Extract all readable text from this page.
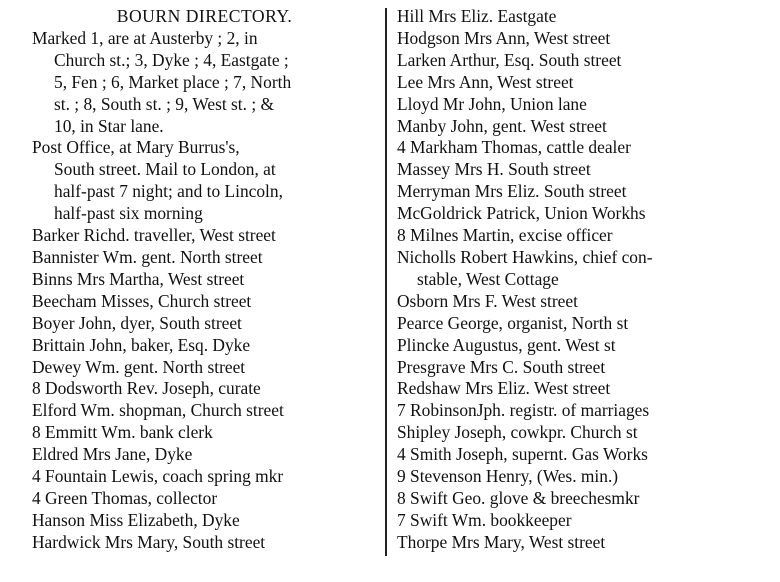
BOURN DIRECTORY.
Marked 1, are at Austerby ; 2, in
Church st.; 3, Dyke ; 4, Eastgate ;
5, Fen ; 6, Market place ; 7, North
st. ; 8, South st. ; 9, West st. ; &
10, in Star lane.
Post Office, at Mary Burrus's,
South street. Mail to London, at
half-past 7 night; and to Lincoln,
half-past six morning
Barker Richd. traveller, West street
Bannister Wm. gent. North street
Binns Mrs Martha, West street
Beecham Misses, Church street
Boyer John, dyer, South street
Brittain John, baker, Esq. Dyke
Dewey Wm. gent. North street
8 Dodsworth Rev. Joseph, curate
Elford Wm. shopman, Church street
8 Emmitt Wm. bank clerk
Eldred Mrs Jane, Dyke
4 Fountain Lewis, coach spring mkr
4 Green Thomas, collector
Hanson Miss Elizabeth, Dyke
Hardwick Mrs Mary, South street
Hill Mrs Eliz. Eastgate
Hodgson Mrs Ann, West street
Larken Arthur, Esq. South street
Lee Mrs Ann, West street
Lloyd Mr John, Union lane
Manby John, gent. West street
4 Markham Thomas, cattle dealer
Massey Mrs H. South street
Merryman Mrs Eliz. South street
McGoldrick Patrick, Union Workhs
8 Milnes Martin, excise officer
Nicholls Robert Hawkins, chief con-
stable, West Cottage
Osborn Mrs F. West street
Pearce George, organist, North st
Plincke Augustus, gent. West st
Presgrave Mrs C. South street
Redshaw Mrs Eliz. West street
7 RobinsonJph. registr. of marriages
Shipley Joseph, cowkpr. Church st
4 Smith Joseph, supernt. Gas Works
9 Stevenson Henry, (Wes. min.)
8 Swift Geo. glove & breechesmkr
7 Swift Wm. bookkeeper
Thorpe Mrs Mary, West street
